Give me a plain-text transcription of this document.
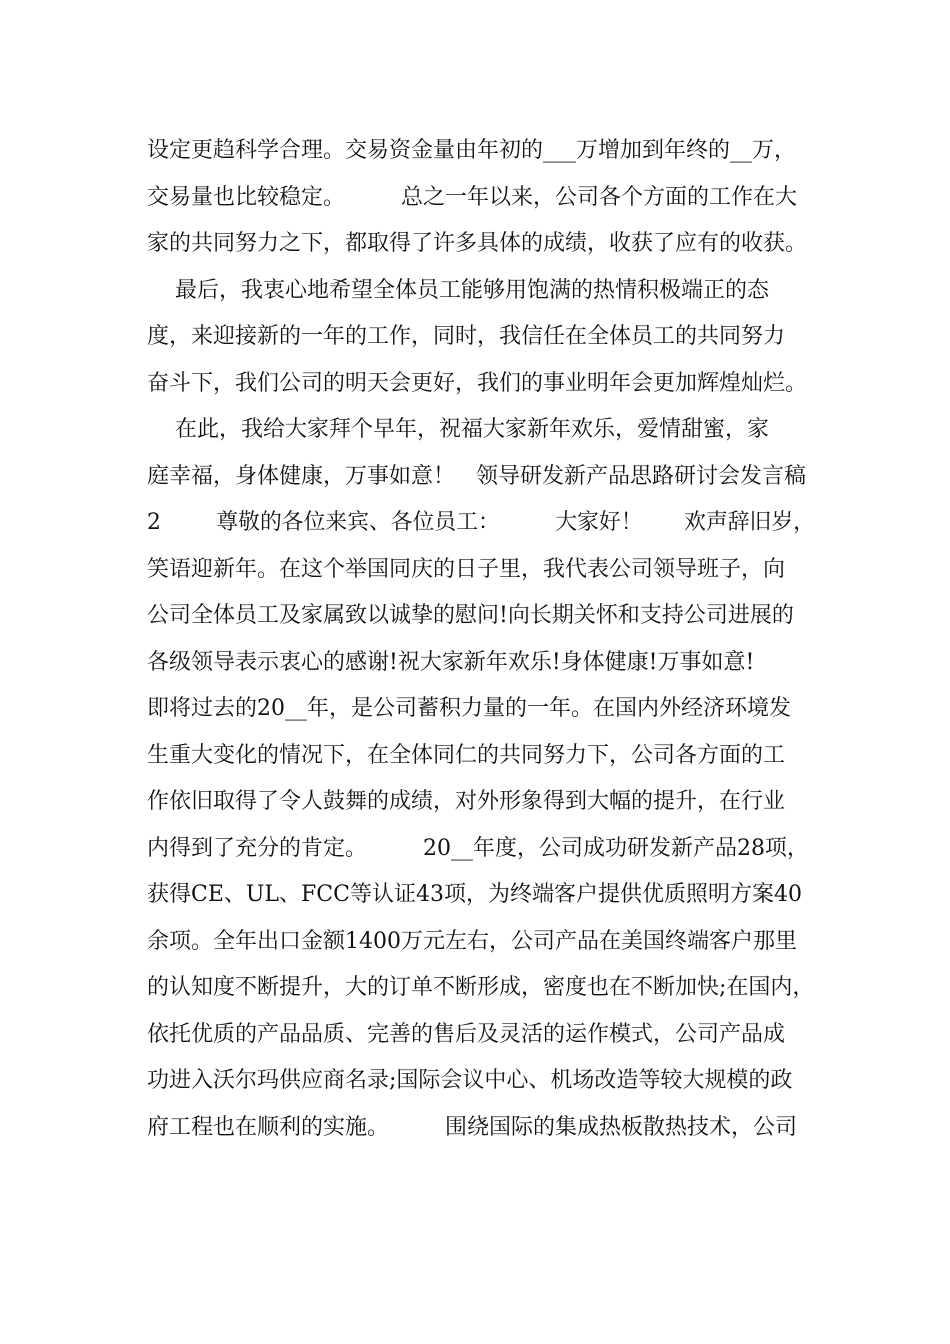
设定更趋科学合理。交易资金量由年初的___万增加到年终的__万，
交易量也比较稳定。        总之一年以来，公司各个方面的工作在大
家的共同努力之下，都取得了许多具体的成绩，收获了应有的收获。
最后，我衷心地希望全体员工能够用饱满的热情积极端正的态
度，来迎接新的一年的工作，同时，我信任在全体员工的共同努力
奋斗下，我们公司的明天会更好，我们的事业明年会更加辉煌灿烂。
在此，我给大家拜个早年，祝福大家新年欢乐，爱情甜蜜，家
庭幸福，身体健康，万事如意！   领导研发新产品思路研讨会发言稿
2        尊敬的各位来宾、各位员工：        大家好！      欢声辞旧岁，
笑语迎新年。在这个举国同庆的日子里，我代表公司领导班子，向
公司全体员工及家属致以诚挚的慰问!向长期关怀和支持公司进展的
各级领导表示衷心的感谢!祝大家新年欢乐!身体健康!万事如意!
即将过去的20__年，是公司蓄积力量的一年。在国内外经济环境发
生重大变化的情况下，在全体同仁的共同努力下，公司各方面的工
作依旧取得了令人鼓舞的成绩，对外形象得到大幅的提升，在行业
内得到了充分的肯定。        20__年度，公司成功研发新产品28项，
获得CE、UL、FCC等认证43项，为终端客户提供优质照明方案40
余项。全年出口金额1400万元左右，公司产品在美国终端客户那里
的认知度不断提升，大的订单不断形成，密度也在不断加快;在国内，
依托优质的产品品质、完善的售后及灵活的运作模式，公司产品成
功进入沃尔玛供应商名录;国际会议中心、机场改造等较大规模的政
府工程也在顺利的实施。        围绕国际的集成热板散热技术，公司
